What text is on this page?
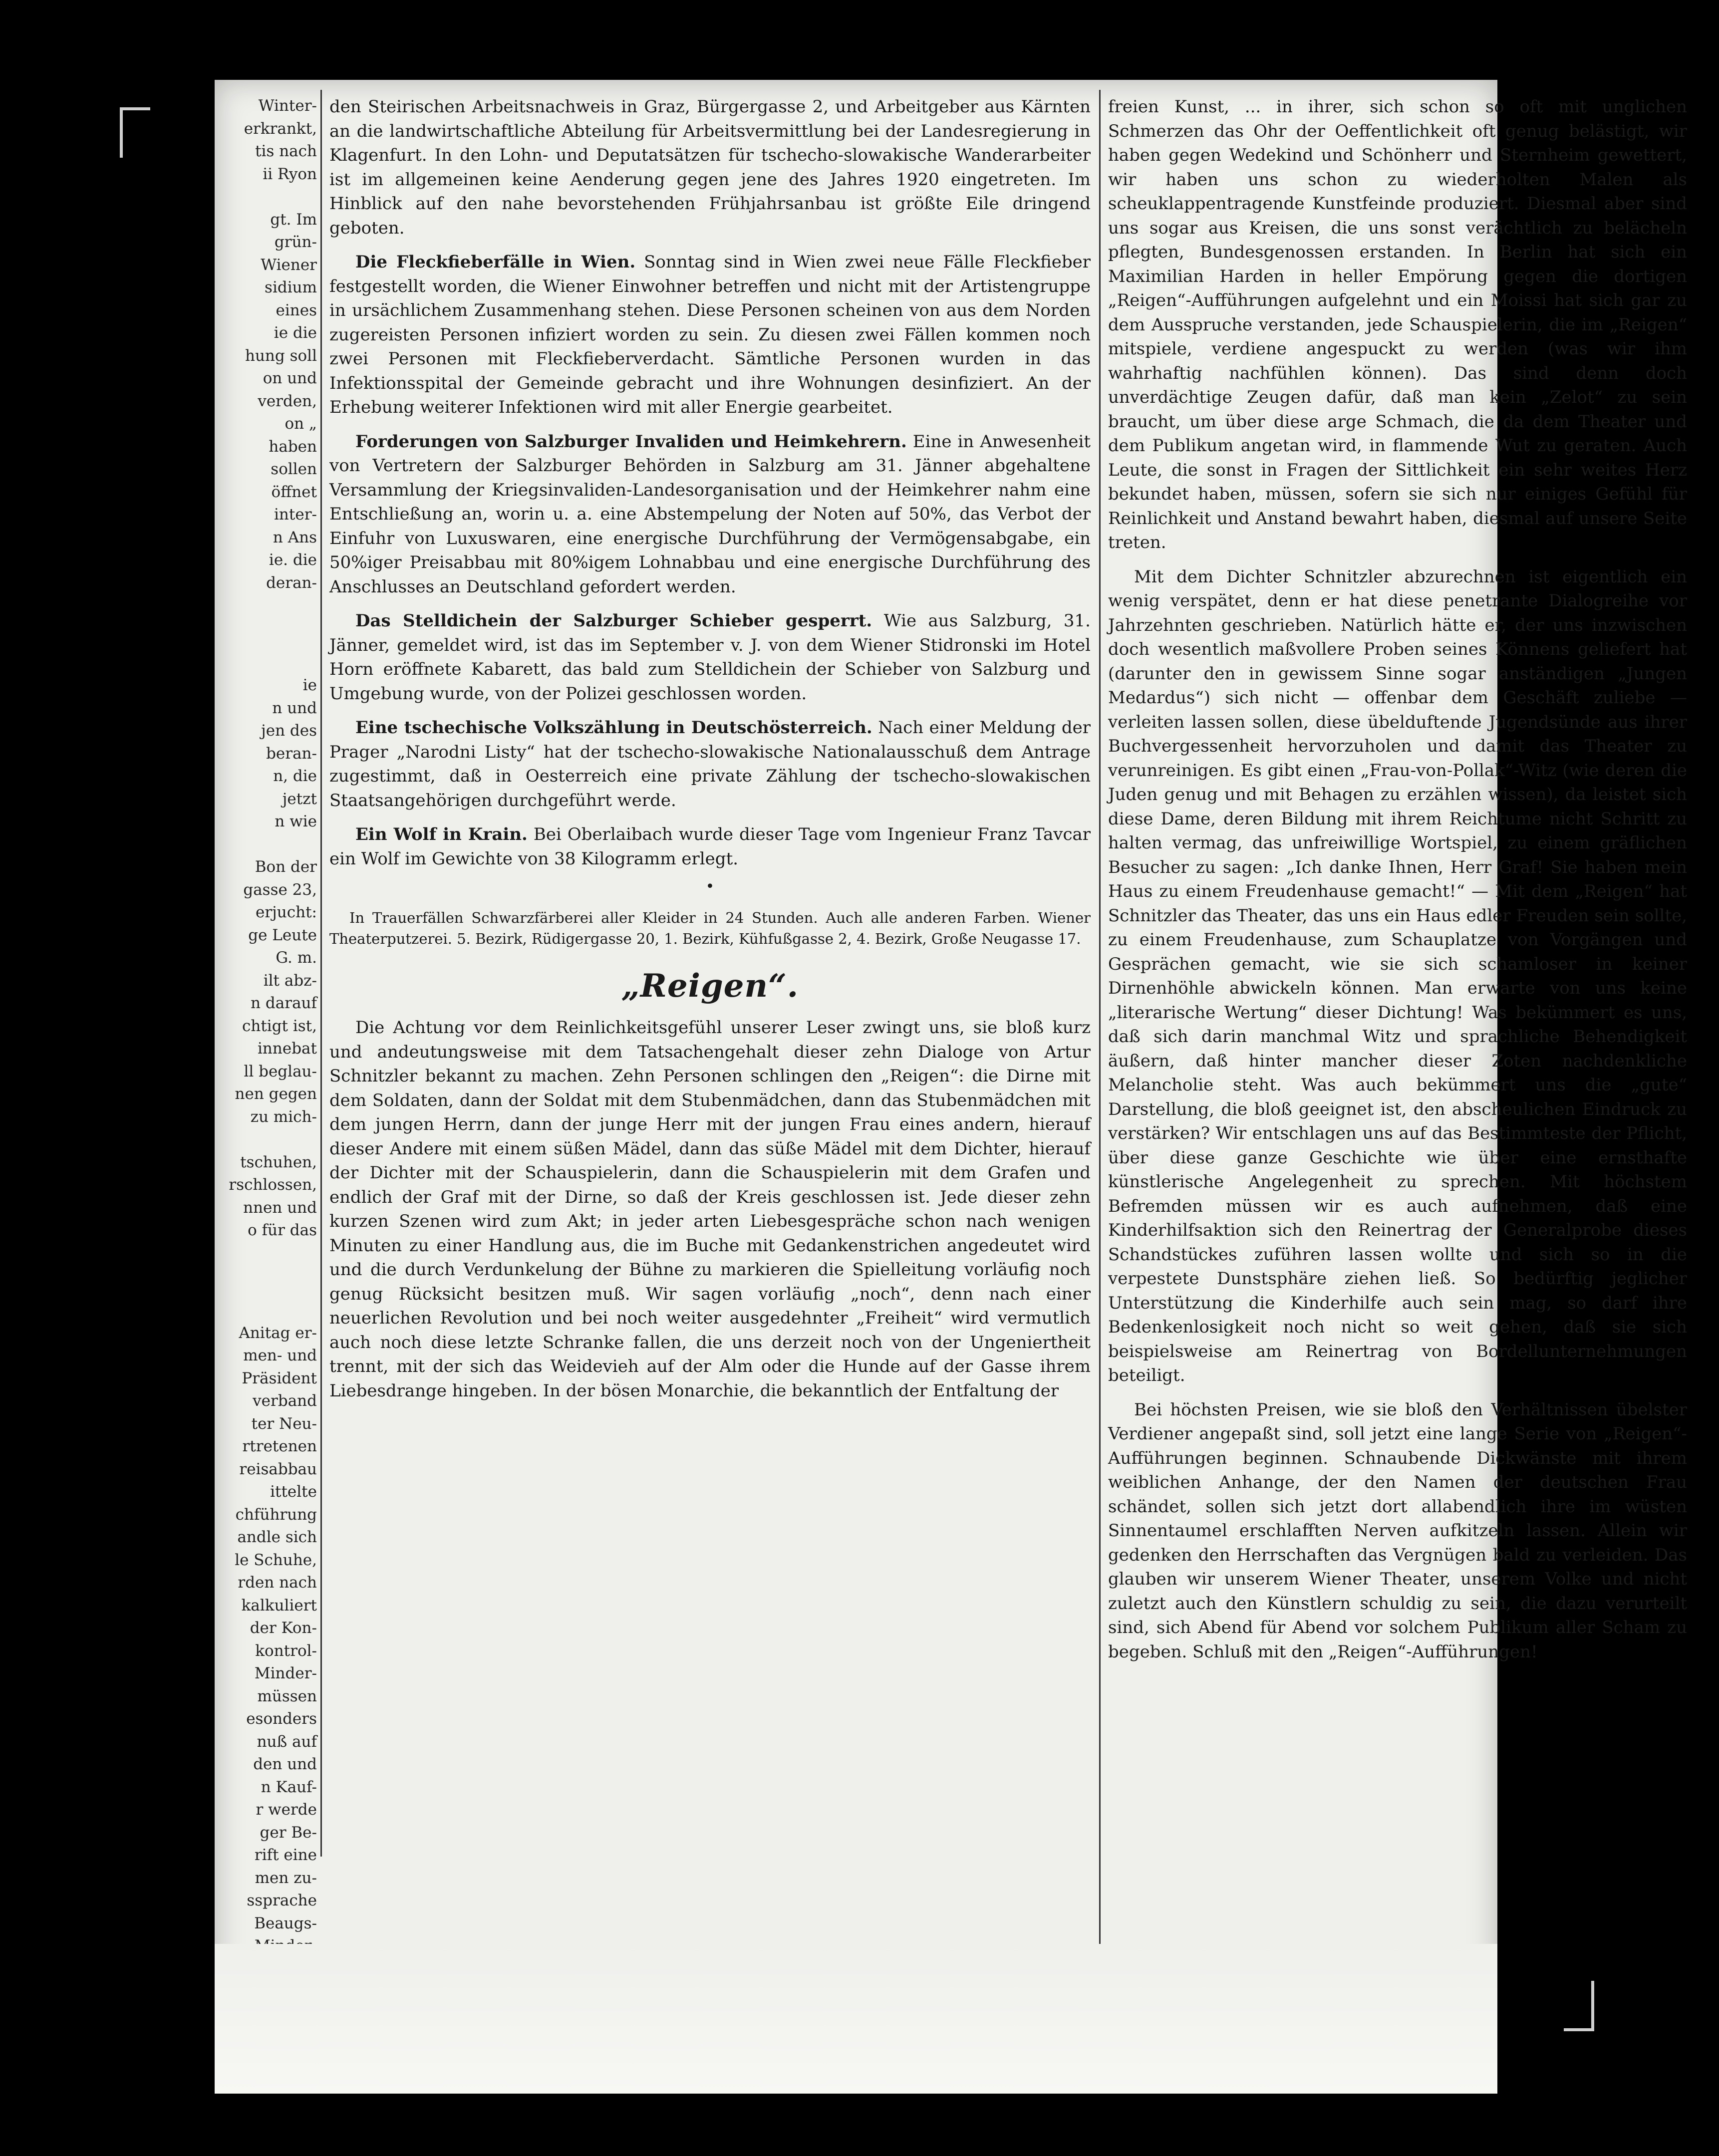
Winter-
erkrankt,
tis nach
ii Ryon

gt. Im
grün-
Wiener
sidium
eines
ie die
hung soll
on und
verden,
on „
haben
sollen
öffnet
inter-
n Ans
ie. die
deran-
ie
n und
jen des
beran-
n, die
jetzt
n wie

Bon der
gasse 23,
erjucht:
ge Leute
G. m.
ilt abz-
n darauf
chtigt ist,
innebat
ll beglau-
nen gegen
zu mich-

tschuhen,
rschlossen,
nnen und
o für das
Anitag er-
men- und
Präsident
verband
ter Neu-
rtretenen
reisabbau
ittelte
chführung
andle sich
le Schuhe,
rden nach
kalkuliert
der Kon-
kontrol-
Minder-
müssen
esonders
nuß auf
den und
n Kauf-
r werde
ger Be-
rift eine
men zu-
ssprache
Beaugs-

den Steirischen Arbeitsnachweis in Graz, Bürgergasse 2, und Arbeitgeber aus Kärnten an die landwirtschaftliche Abteilung für Arbeitsvermittlung bei der Landesregierung in Klagenfurt. In den Lohn- und Deputatsätzen für tschecho-slowakische Wanderarbeiter ist im allgemeinen keine Aenderung gegen jene des Jahres 1920 eingetreten. Im Hinblick auf den nahe bevorstehenden Frühjahrsanbau ist größte Eile dringend geboten.

Die Fleckfieberfälle in Wien. Sonntag sind in Wien zwei neue Fälle Fleckfieber festgestellt worden, die Wiener Einwohner betreffen und nicht mit der Artistengruppe in ursächlichem Zusammenhang stehen. Diese Personen scheinen von aus dem Norden zugereisten Personen infiziert worden zu sein. Zu diesen zwei Fällen kommen noch zwei Personen mit Fleckfieberverdacht. Sämtliche Personen wurden in das Infektionsspital der Gemeinde gebracht und ihre Wohnungen desinfiziert. An der Erhebung weiterer Infektionen wird mit aller Energie gearbeitet.

Forderungen von Salzburger Invaliden und Heimkehrern. Eine in Anwesenheit von Vertretern der Salzburger Behörden in Salzburg am 31. Jänner abgehaltene Versammlung der Kriegsinvaliden-Landesorganisation und der Heimkehrer nahm eine Entschließung an, worin u. a. eine Abstempelung der Noten auf 50%, das Verbot der Einfuhr von Luxuswaren, eine energische Durchführung der Vermögensabgabe, ein 50%iger Preisabbau mit 80%igem Lohnabbau und eine energische Durchführung des Anschlusses an Deutschland gefordert werden.

Das Stelldichein der Salzburger Schieber gesperrt. Wie aus Salzburg, 31. Jänner, gemeldet wird, ist das im September v. J. von dem Wiener Stidronski im Hotel Horn eröffnete Kabarett, das bald zum Stelldichein der Schieber von Salzburg und Umgebung wurde, von der Polizei geschlossen worden.

Eine tschechische Volkszählung in Deutschösterreich. Nach einer Meldung der Prager „Narodni Listy“ hat der tschecho-slowakische Nationalausschuß dem Antrage zugestimmt, daß in Oesterreich eine private Zählung der tschecho-slowakischen Staatsangehörigen durchgeführt werde.

Ein Wolf in Krain. Bei Oberlaibach wurde dieser Tage vom Ingenieur Franz Tavcar ein Wolf im Gewichte von 38 Kilogramm erlegt.

•

In Trauerfällen Schwarzfärberei aller Kleider in 24 Stunden. Auch alle anderen Farben. Wiener Theaterputzerei. 5. Bezirk, Rüdigergasse 20, 1. Bezirk, Kühfußgasse 2, 4. Bezirk, Große Neugasse 17.

„Reigen“.

Die Achtung vor dem Reinlichkeitsgefühl unserer Leser zwingt uns, sie bloß kurz und andeutungsweise mit dem Tatsachengehalt dieser zehn Dialoge von Artur Schnitzler bekannt zu machen. Zehn Personen schlingen den „Reigen“: die Dirne mit dem Soldaten, dann der Soldat mit dem Stubenmädchen, dann das Stubenmädchen mit dem jungen Herrn, dann der junge Herr mit der jungen Frau eines andern, hierauf dieser Andere mit einem süßen Mädel, dann das süße Mädel mit dem Dichter, hierauf der Dichter mit der Schauspielerin, dann die Schauspielerin mit dem Grafen und endlich der Graf mit der Dirne, so daß der Kreis geschlossen ist. Jede dieser zehn kurzen Szenen wird zum Akt; in jeder arten Liebesgespräche schon nach wenigen Minuten zu einer Handlung aus, die im Buche mit Gedankenstrichen angedeutet wird und die durch Verdunkelung der Bühne zu markieren die Spielleitung vorläufig noch genug Rücksicht besitzen muß. Wir sagen vorläufig „noch“, denn nach einer neuerlichen Revolution und bei noch weiter ausgedehnter „Freiheit“ wird vermutlich auch noch diese letzte Schranke fallen, die uns derzeit noch von der Ungeniertheit trennt, mit der sich das Weidevieh auf der Alm oder die Hunde auf der Gasse ihrem Liebesdrange hingeben. In der bösen Monarchie, die bekanntlich der Entfaltung der

freien Kunst, ... in ihrer, sich schon so oft mit unglichen Schmerzen das Ohr der Oeffentlichkeit oft genug belästigt, wir haben gegen Wedekind und Schönherr und Sternheim gewettert, wir haben uns schon zu wiederholten Malen als scheuklappentragende Kunstfeinde produziert. Diesmal aber sind uns sogar aus Kreisen, die uns sonst verächtlich zu belächeln pflegten, Bundesgenossen erstanden. In Berlin hat sich ein Maximilian Harden in heller Empörung gegen die dortigen „Reigen“-Aufführungen aufgelehnt und ein Moissi hat sich gar zu dem Ausspruche verstanden, jede Schauspielerin, die im „Reigen“ mitspiele, verdiene angespuckt zu werden (was wir ihm wahrhaftig nachfühlen können). Das sind denn doch unverdächtige Zeugen dafür, daß man kein „Zelot“ zu sein braucht, um über diese arge Schmach, die da dem Theater und dem Publikum angetan wird, in flammende Wut zu geraten. Auch Leute, die sonst in Fragen der Sittlichkeit ein sehr weites Herz bekundet haben, müssen, sofern sie sich nur einiges Gefühl für Reinlichkeit und Anstand bewahrt haben, diesmal auf unsere Seite treten.

Mit dem Dichter Schnitzler abzurechnen ist eigentlich ein wenig verspätet, denn er hat diese penetrante Dialogreihe vor Jahrzehnten geschrieben. Natürlich hätte er, der uns inzwischen doch wesentlich maßvollere Proben seines Könnens geliefert hat (darunter den in gewissem Sinne sogar anständigen „Jungen Medardus“) sich nicht — offenbar dem Geschäft zuliebe — verleiten lassen sollen, diese übelduftende Jugendsünde aus ihrer Buchvergessenheit hervorzuholen und damit das Theater zu verunreinigen. Es gibt einen „Frau-von-Pollak“-Witz (wie deren die Juden genug und mit Behagen zu erzählen wissen), da leistet sich diese Dame, deren Bildung mit ihrem Reichtume nicht Schritt zu halten vermag, das unfreiwillige Wortspiel, zu einem gräflichen Besucher zu sagen: „Ich danke Ihnen, Herr Graf! Sie haben mein Haus zu einem Freudenhause gemacht!“ — Mit dem „Reigen“ hat Schnitzler das Theater, das uns ein Haus edler Freuden sein sollte, zu einem Freudenhause, zum Schauplatze von Vorgängen und Gesprächen gemacht, wie sie sich schamloser in keiner Dirnenhöhle abwickeln können. Man erwarte von uns keine „literarische Wertung“ dieser Dichtung! Was bekümmert es uns, daß sich darin manchmal Witz und sprachliche Behendigkeit äußern, daß hinter mancher dieser Zoten nachdenkliche Melancholie steht. Was auch bekümmert uns die „gute“ Darstellung, die bloß geeignet ist, den abscheulichen Eindruck zu verstärken? Wir entschlagen uns auf das Bestimmteste der Pflicht, über diese ganze Geschichte wie über eine ernsthafte künstlerische Angelegenheit zu sprechen. Mit höchstem Befremden müssen wir es auch aufnehmen, daß eine Kinderhilfsaktion sich den Reinertrag der Generalprobe dieses Schandstückes zuführen lassen wollte und sich so in die verpestete Dunstsphäre ziehen ließ. So bedürftig jeglicher Unterstützung die Kinderhilfe auch sein mag, so darf ihre Bedenkenlosigkeit noch nicht so weit gehen, daß sie sich beispielsweise am Reinertrag von Bordellunternehmungen beteiligt.

Bei höchsten Preisen, wie sie bloß den Verhältnissen übelster Verdiener angepaßt sind, soll jetzt eine lange Serie von „Reigen“-Aufführungen beginnen. Schnaubende Dickwänste mit ihrem weiblichen Anhange, der den Namen der deutschen Frau schändet, sollen sich jetzt dort allabendlich ihre im wüsten Sinnentaumel erschlafften Nerven aufkitzeln lassen. Allein wir gedenken den Herrschaften das Vergnügen bald zu verleiden. Das glauben wir unserem Wiener Theater, unserem Volke und nicht zuletzt auch den Künstlern schuldig zu sein, die dazu verurteilt sind, sich Abend für Abend vor solchem Publikum aller Scham zu begeben. Schluß mit den „Reigen“-Aufführungen!
